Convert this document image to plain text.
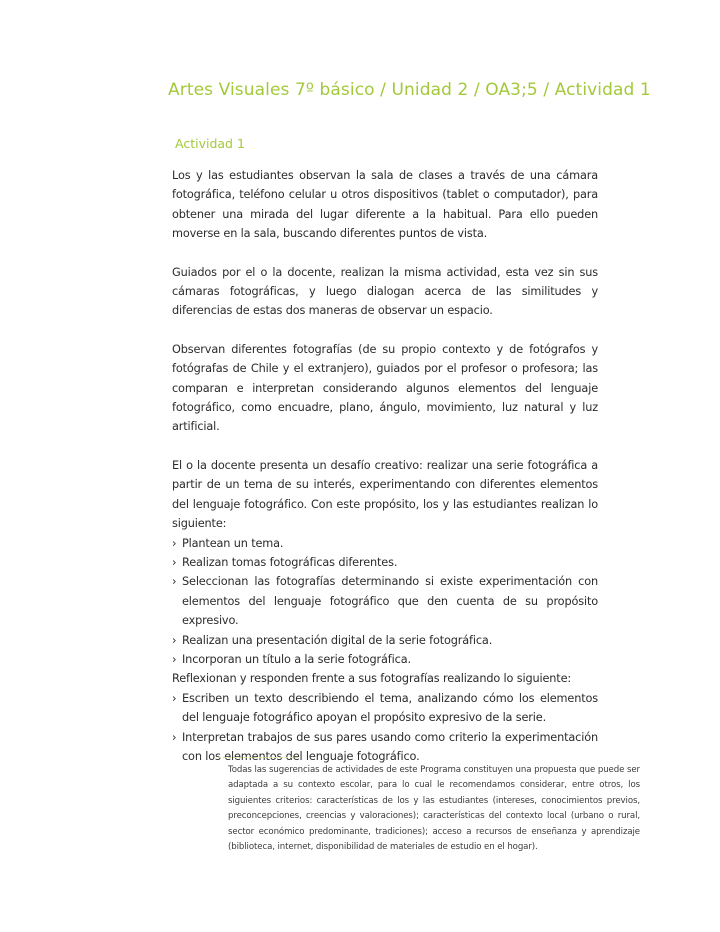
Artes Visuales 7º básico / Unidad 2 / OA3;5 / Actividad 1
Actividad 1

Los y las estudiantes observan la sala de clases a través de una cámara fotográfica, teléfono celular u otros dispositivos (tablet o computador), para obtener una mirada del lugar diferente a la habitual. Para ello pueden moverse en la sala, buscando diferentes puntos de vista.

Guiados por el o la docente, realizan la misma actividad, esta vez sin sus cámaras fotográficas, y luego dialogan acerca de las similitudes y diferencias de estas dos maneras de observar un espacio.

Observan diferentes fotografías (de su propio contexto y de fotógrafos y fotógrafas de Chile y el extranjero), guiados por el profesor o profesora; las comparan e interpretan considerando algunos elementos del lenguaje fotográfico, como encuadre, plano, ángulo, movimiento, luz natural y luz artificial.

El o la docente presenta un desafío creativo: realizar una serie fotográfica a partir de un tema de su interés, experimentando con diferentes elementos del lenguaje fotográfico. Con este propósito, los y las estudiantes realizan lo siguiente:

› Plantean un tema.
› Realizan tomas fotográficas diferentes.
› Seleccionan las fotografías determinando si existe experimentación con elementos del lenguaje fotográfico que den cuenta de su propósito expresivo.
› Realizan una presentación digital de la serie fotográfica.
› Incorporan un título a la serie fotográfica.

Reflexionan y responden frente a sus fotografías realizando lo siguiente:

› Escriben un texto describiendo el tema, analizando cómo los elementos del lenguaje fotográfico apoyan el propósito expresivo de la serie.
› Interpretan trabajos de sus pares usando como criterio la experimentación con los elementos del lenguaje fotográfico.
Todas las sugerencias de actividades de este Programa constituyen una propuesta que puede ser adaptada a su contexto escolar, para lo cual le recomendamos considerar, entre otros, los siguientes criterios: características de los y las estudiantes (intereses, conocimientos previos, preconcepciones, creencias y valoraciones); características del contexto local (urbano o rural, sector económico predominante, tradiciones); acceso a recursos de enseñanza y aprendizaje (biblioteca, internet, disponibilidad de materiales de estudio en el hogar).
